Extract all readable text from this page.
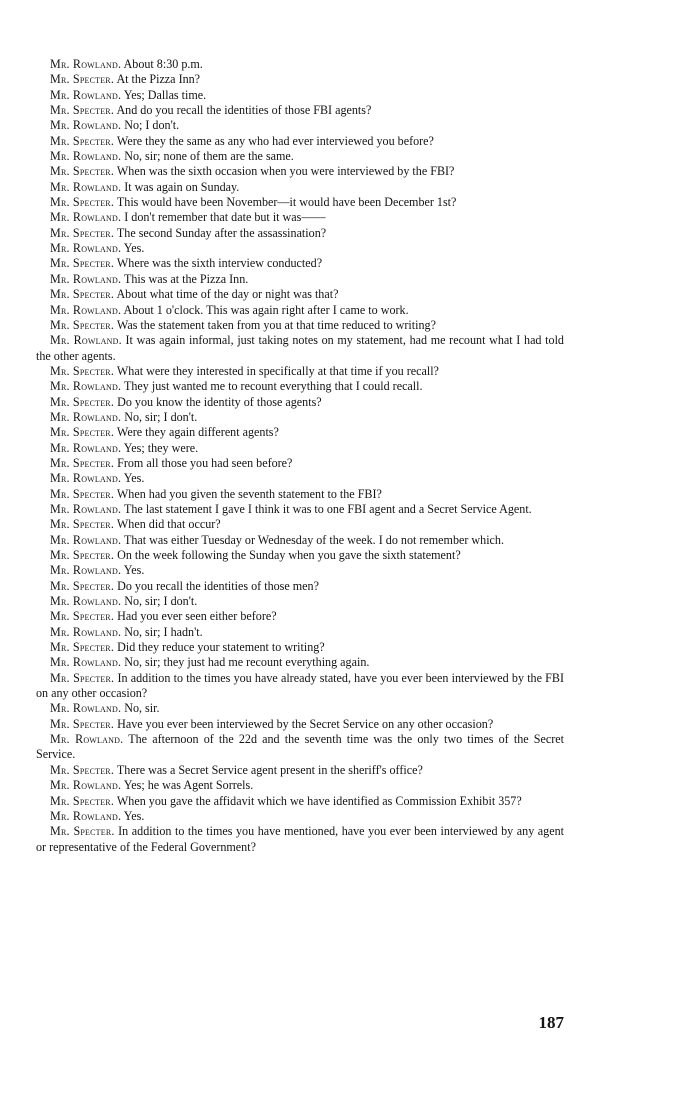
Mr. Rowland. About 8:30 p.m.

Mr. Specter. At the Pizza Inn?

Mr. Rowland. Yes; Dallas time.

Mr. Specter. And do you recall the identities of those FBI agents?

Mr. Rowland. No; I don't.

Mr. Specter. Were they the same as any who had ever interviewed you before?

Mr. Rowland. No, sir; none of them are the same.

Mr. Specter. When was the sixth occasion when you were interviewed by the FBI?

Mr. Rowland. It was again on Sunday.

Mr. Specter. This would have been November—it would have been December 1st?

Mr. Rowland. I don't remember that date but it was——

Mr. Specter. The second Sunday after the assassination?

Mr. Rowland. Yes.

Mr. Specter. Where was the sixth interview conducted?

Mr. Rowland. This was at the Pizza Inn.

Mr. Specter. About what time of the day or night was that?

Mr. Rowland. About 1 o'clock. This was again right after I came to work.

Mr. Specter. Was the statement taken from you at that time reduced to writing?

Mr. Rowland. It was again informal, just taking notes on my statement, had me recount what I had told the other agents.

Mr. Specter. What were they interested in specifically at that time if you recall?

Mr. Rowland. They just wanted me to recount everything that I could recall.

Mr. Specter. Do you know the identity of those agents?

Mr. Rowland. No, sir; I don't.

Mr. Specter. Were they again different agents?

Mr. Rowland. Yes; they were.

Mr. Specter. From all those you had seen before?

Mr. Rowland. Yes.

Mr. Specter. When had you given the seventh statement to the FBI?

Mr. Rowland. The last statement I gave I think it was to one FBI agent and a Secret Service Agent.

Mr. Specter. When did that occur?

Mr. Rowland. That was either Tuesday or Wednesday of the week. I do not remember which.

Mr. Specter. On the week following the Sunday when you gave the sixth statement?

Mr. Rowland. Yes.

Mr. Specter. Do you recall the identities of those men?

Mr. Rowland. No, sir; I don't.

Mr. Specter. Had you ever seen either before?

Mr. Rowland. No, sir; I hadn't.

Mr. Specter. Did they reduce your statement to writing?

Mr. Rowland. No, sir; they just had me recount everything again.

Mr. Specter. In addition to the times you have already stated, have you ever been interviewed by the FBI on any other occasion?

Mr. Rowland. No, sir.

Mr. Specter. Have you ever been interviewed by the Secret Service on any other occasion?

Mr. Rowland. The afternoon of the 22d and the seventh time was the only two times of the Secret Service.

Mr. Specter. There was a Secret Service agent present in the sheriff's office?

Mr. Rowland. Yes; he was Agent Sorrels.

Mr. Specter. When you gave the affidavit which we have identified as Commission Exhibit 357?

Mr. Rowland. Yes.

Mr. Specter. In addition to the times you have mentioned, have you ever been interviewed by any agent or representative of the Federal Government?

187
